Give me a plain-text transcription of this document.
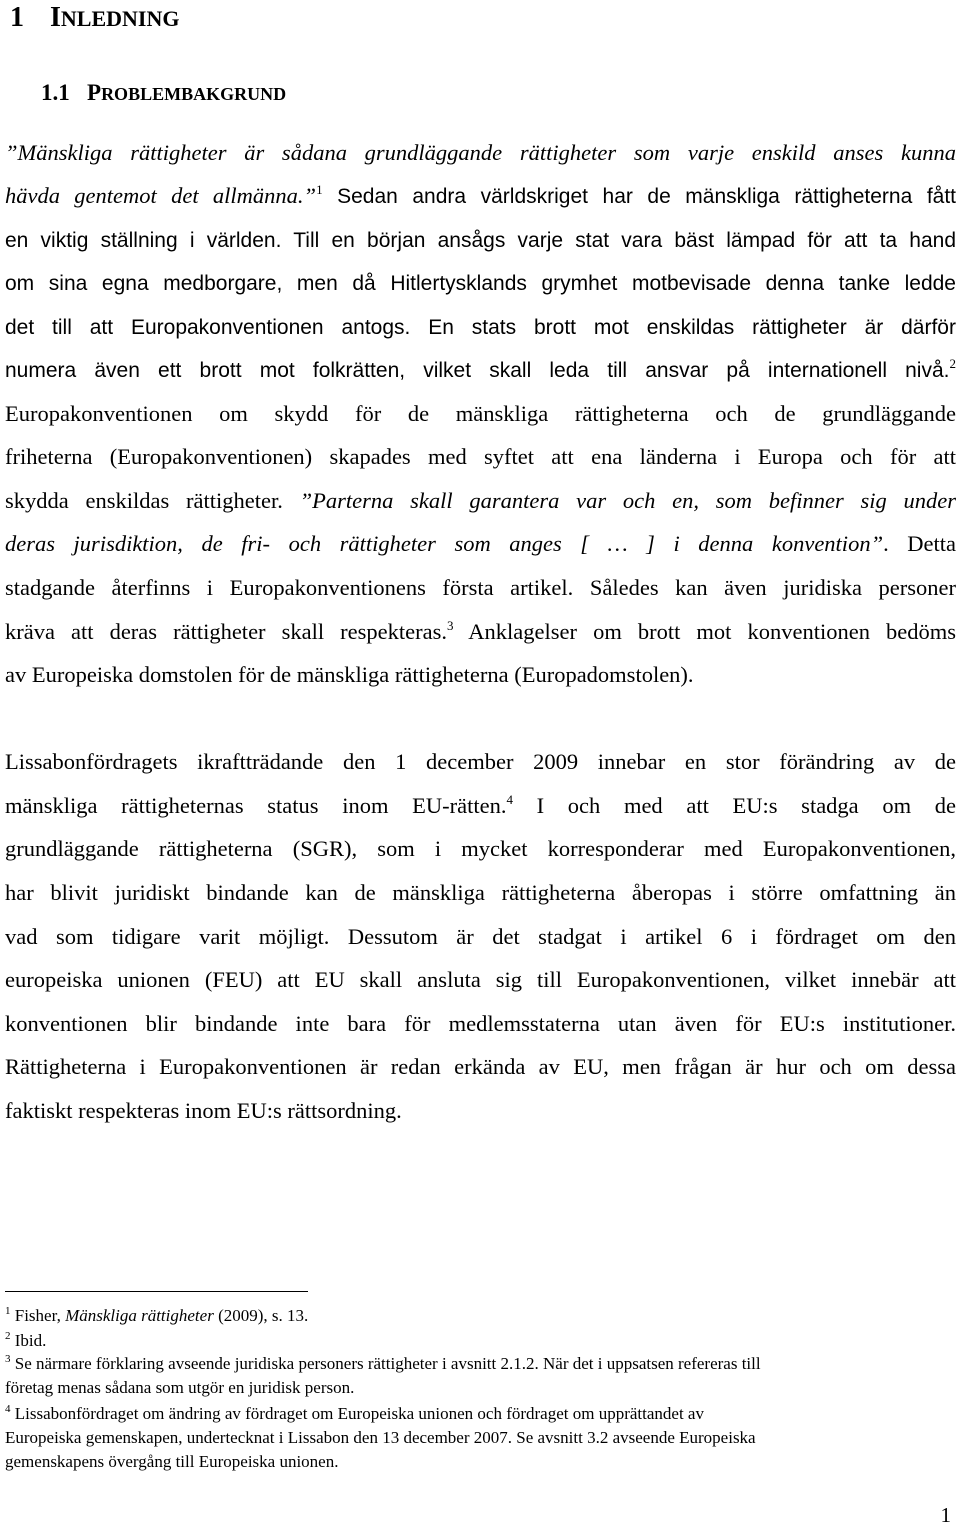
1 INLEDNING
1.1 PROBLEMBAKGRUND
”Mänskliga rättigheter är sådana grundläggande rättigheter som varje enskild anses kunna
hävda gentemot det allmänna.”$^1$ Sedan andra världskriget har de mänskliga rättigheterna fått
en viktig ställning i världen. Till en början ansågs varje stat vara bäst lämpad för att ta hand
om sina egna medborgare, men då Hitlertysklands grymhet motbevisade denna tanke ledde
det till att Europakonventionen antogs. En stats brott mot enskildas rättigheter är därför
numera även ett brott mot folkrätten, vilket skall leda till ansvar på internationell nivå.$^2$
Europakonventionen om skydd för de mänskliga rättigheterna och de grundläggande
friheterna (Europakonventionen) skapades med syftet att ena länderna i Europa och för att
skydda enskildas rättigheter. ”Parterna skall garantera var och en, som befinner sig under
deras jurisdiktion, de fri- och rättigheter som anges [ … ] i denna konvention”. Detta
stadgande återfinns i Europakonventionens första artikel. Således kan även juridiska personer
kräva att deras rättigheter skall respekteras.$^3$ Anklagelser om brott mot konventionen bedöms
av Europeiska domstolen för de mänskliga rättigheterna (Europadomstolen).
Lissabonfördragets ikraftträdande den 1 december 2009 innebar en stor förändring av de
mänskliga rättigheternas status inom EU-rätten.$^4$ I och med att EU:s stadga om de
grundläggande rättigheterna (SGR), som i mycket korresponderar med Europakonventionen,
har blivit juridiskt bindande kan de mänskliga rättigheterna åberopas i större omfattning än
vad som tidigare varit möjligt. Dessutom är det stadgat i artikel 6 i fördraget om den
europeiska unionen (FEU) att EU skall ansluta sig till Europakonventionen, vilket innebär att
konventionen blir bindande inte bara för medlemsstaterna utan även för EU:s institutioner.
Rättigheterna i Europakonventionen är redan erkända av EU, men frågan är hur och om dessa
faktiskt respekteras inom EU:s rättsordning.
$^1$ Fisher, Mänskliga rättigheter (2009), s. 13.
$^2$ Ibid.
$^3$ Se närmare förklaring avseende juridiska personers rättigheter i avsnitt 2.1.2. När det i uppsatsen refereras till
företag menas sådana som utgör en juridisk person.
$^4$ Lissabonfördraget om ändring av fördraget om Europeiska unionen och fördraget om upprättandet av
Europeiska gemenskapen, undertecknat i Lissabon den 13 december 2007. Se avsnitt 3.2 avseende Europeiska
gemenskapens övergång till Europeiska unionen.
1
